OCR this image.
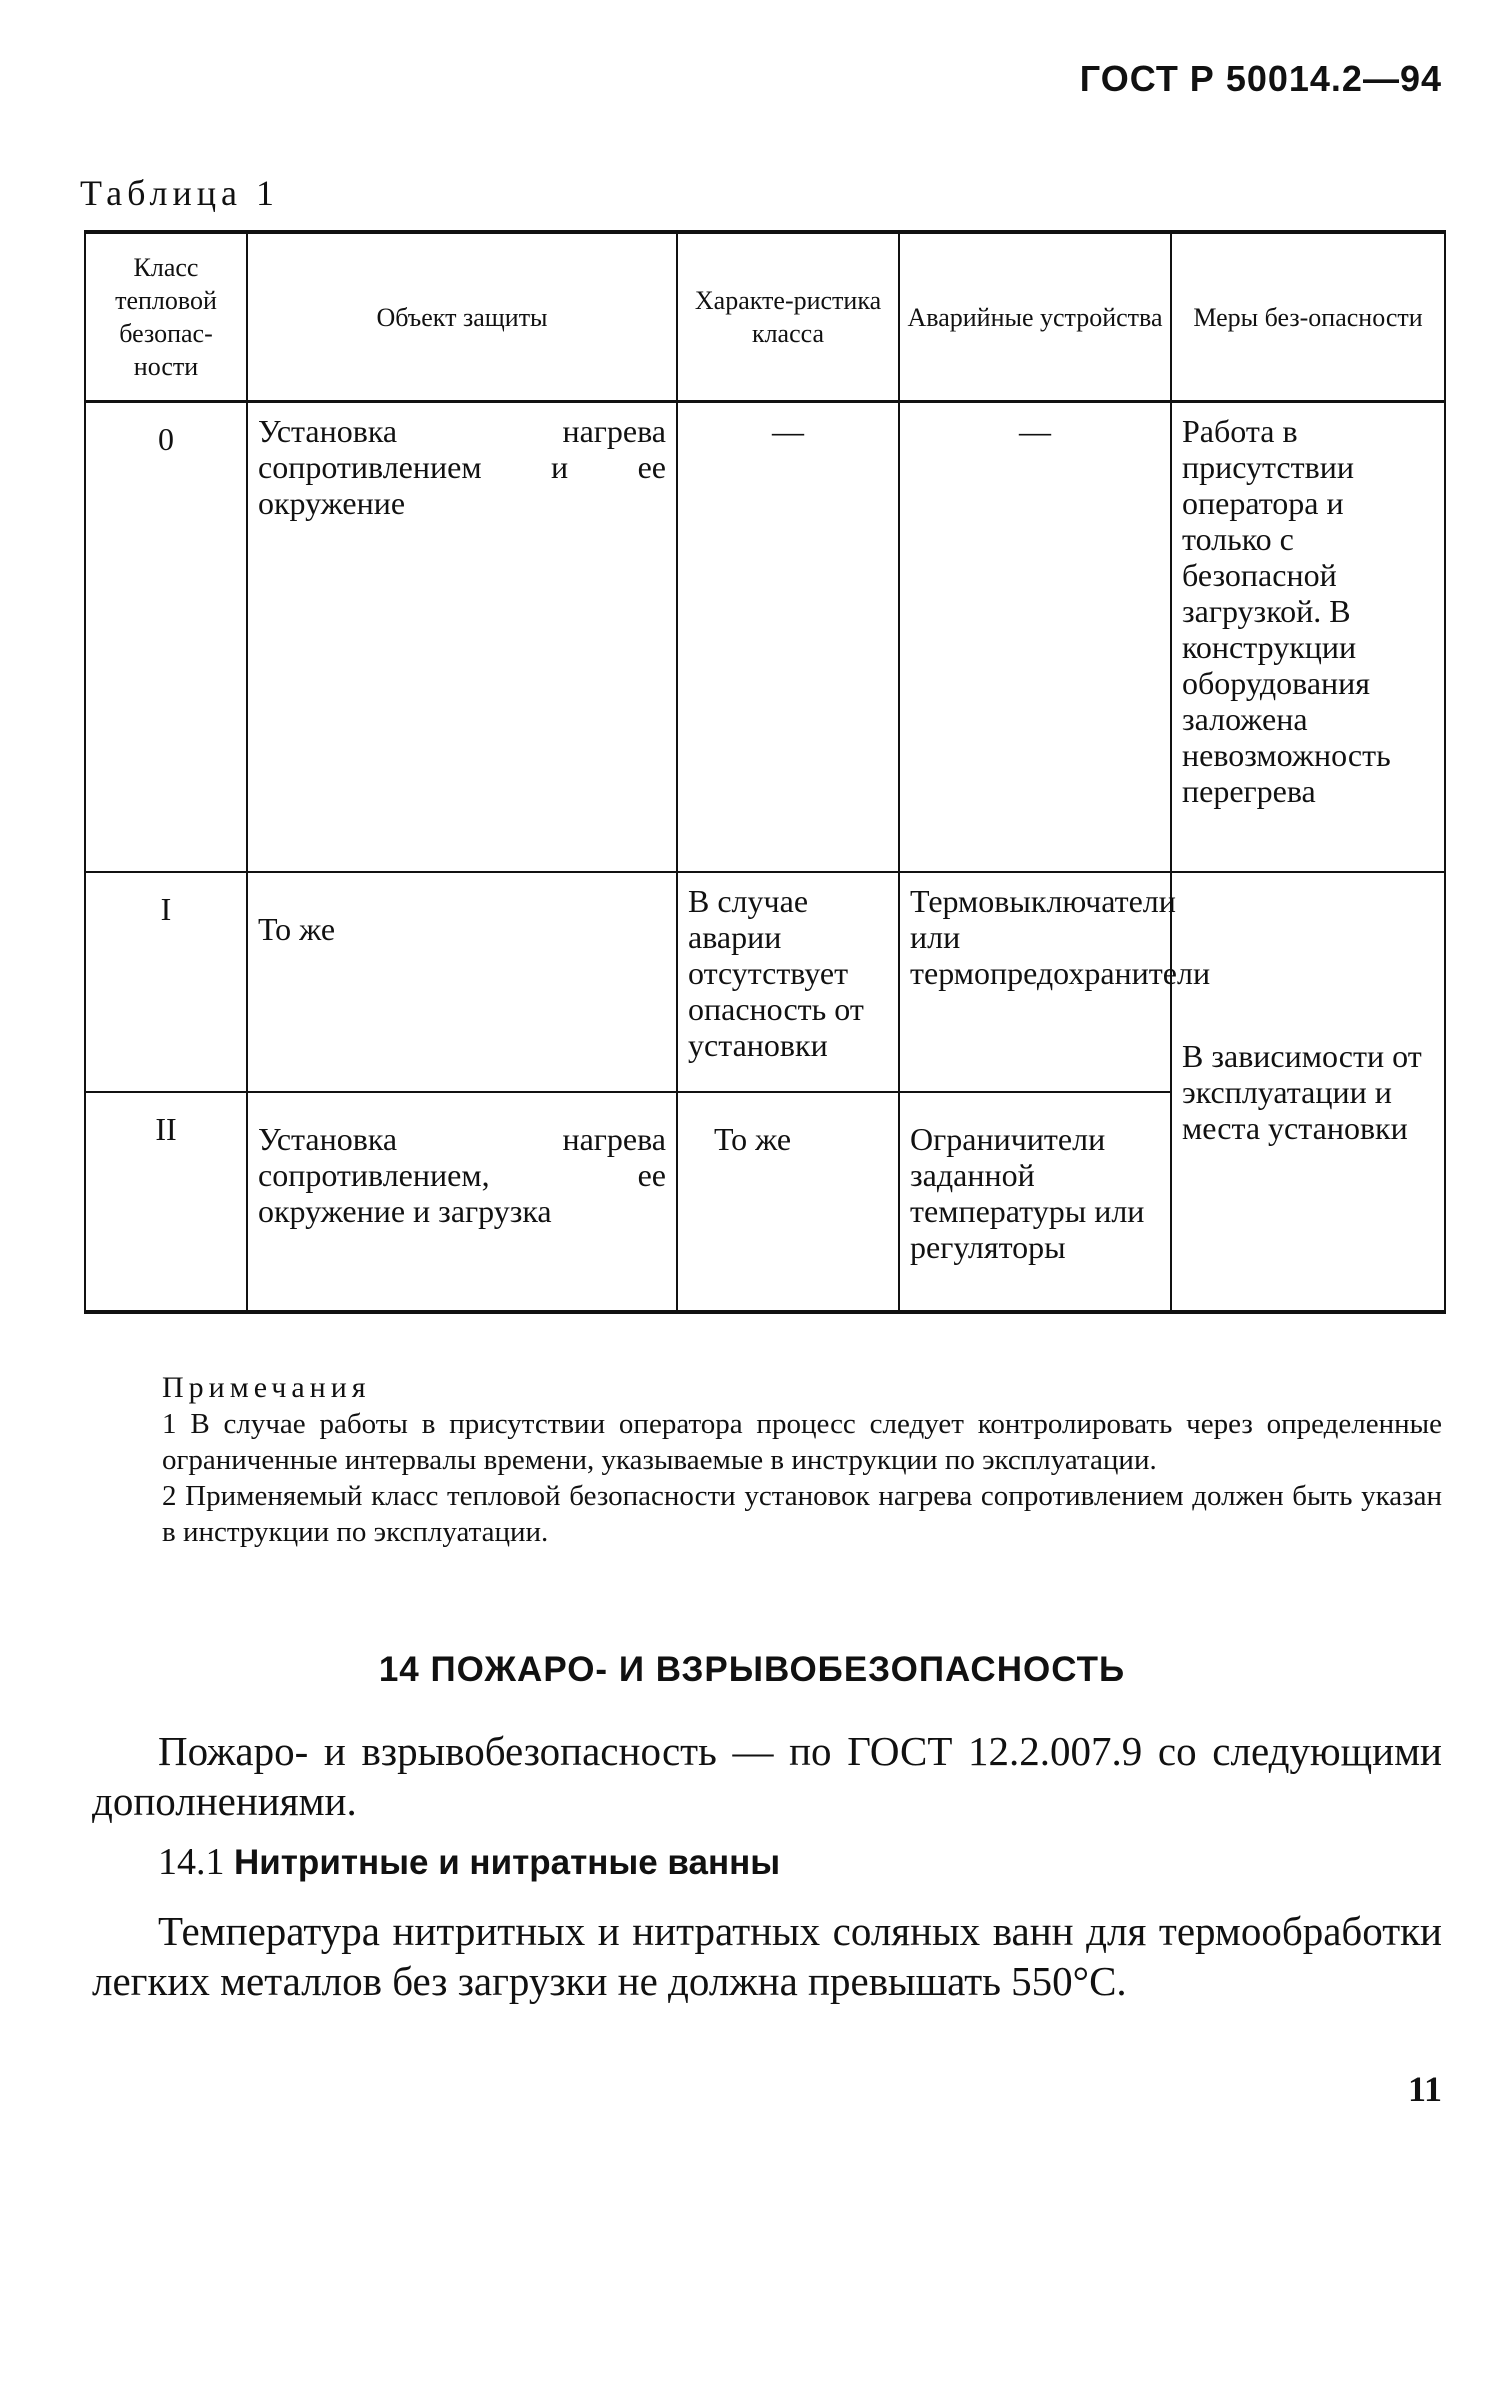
ГОСТ Р 50014.2—94
Таблица 1
Класс тепловой безопас-ности	Объект защиты	Характе-ристика класса	Аварийные устройства	Меры без-опасности
0	Установка нагрева сопротивлением и ее окружение	—	—	Работа в присутствии оператора и только с безопасной загрузкой. В конструкции оборудования заложена невозможность перегрева
I	То же	В случае аварии отсутствует опасность от установки	Термовыключатели или термопредохранители	В зависимости от эксплуатации и места установки
II	Установка нагрева сопротивлением, ее окружение и загрузка	То же	Ограничители заданной температуры или регуляторы	

Примечания

1 В случае работы в присутствии оператора процесс следует контролировать через определенные ограниченные интервалы времени, указываемые в инструкции по эксплуатации.

2 Применяемый класс тепловой безопасности установок нагрева сопротивлением должен быть указан в инструкции по эксплуатации.

14 ПОЖАРО- И ВЗРЫВОБЕЗОПАСНОСТЬ
Пожаро- и взрывобезопасность — по ГОСТ 12.2.007.9 со следующими дополнениями.
14.1 Нитритные и нитратные ванны
Температура нитритных и нитратных соляных ванн для термообработки легких металлов без загрузки не должна превышать 550°С.
11
